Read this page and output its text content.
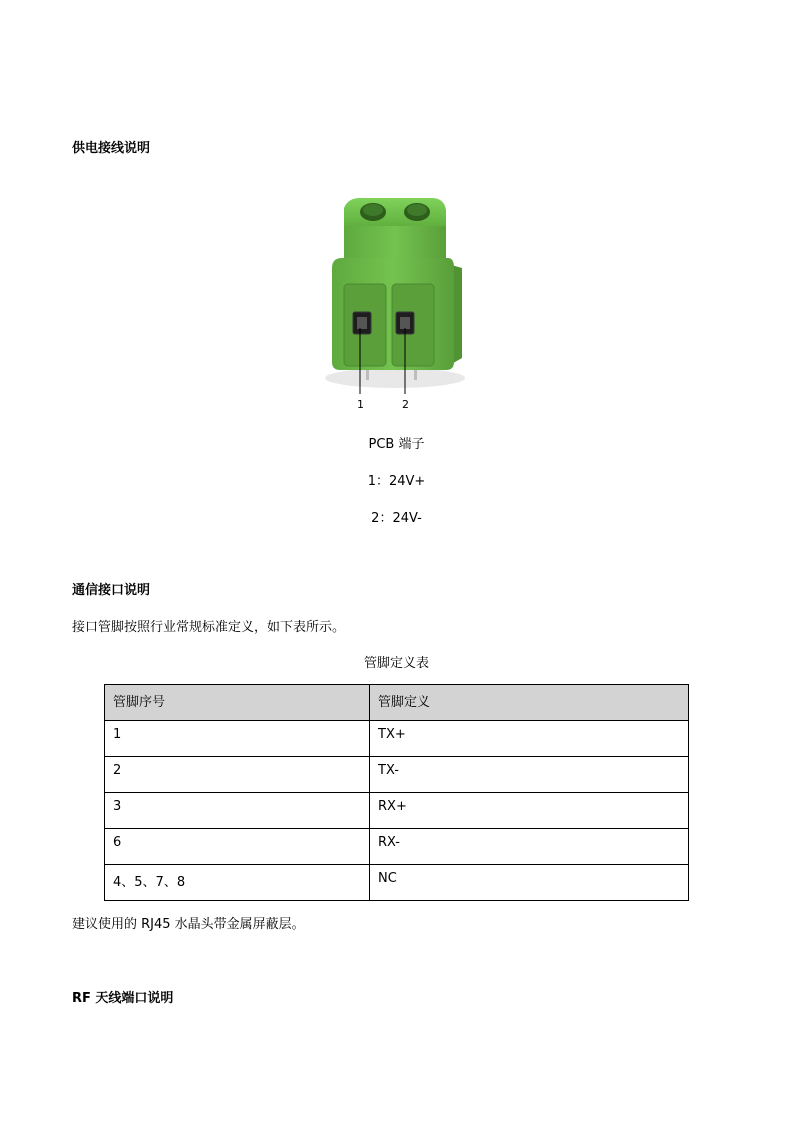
供电接线说明
1	2
PCB 端子
1：24V+
2：24V-
通信接口说明

接口管脚按照行业常规标准定义，如下表所示。

管脚定义表
管脚序号	管脚定义
1	TX+
2	TX-
3	RX+
6	RX-
4、5、7、8	NC

建议使用的 RJ45 水晶头带金属屏蔽层。

RF 天线端口说明
